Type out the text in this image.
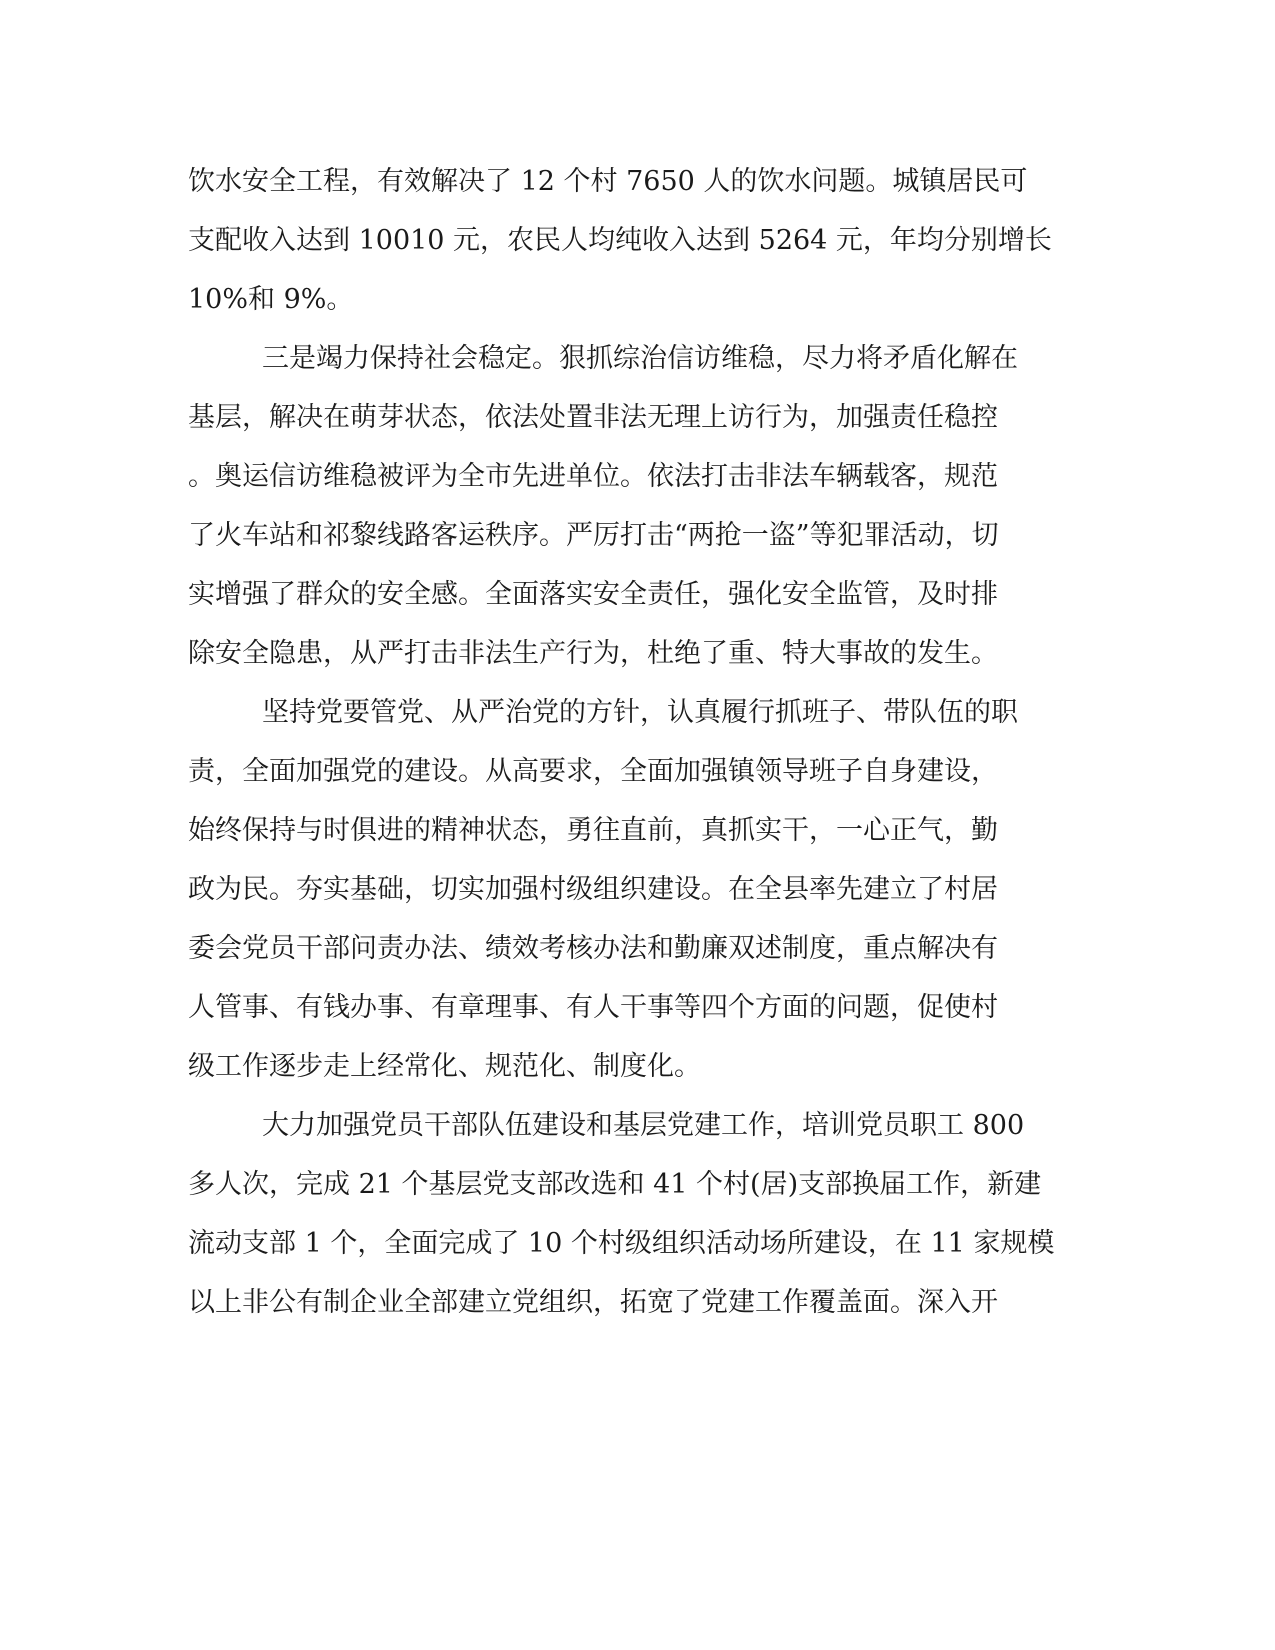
饮水安全工程，有效解决了 12 个村 7650 人的饮水问题。城镇居民可
支配收入达到 10010 元，农民人均纯收入达到 5264 元，年均分别增长
10%和 9%。
三是竭力保持社会稳定。狠抓综治信访维稳，尽力将矛盾化解在
基层，解决在萌芽状态，依法处置非法无理上访行为，加强责任稳控
。奥运信访维稳被评为全市先进单位。依法打击非法车辆载客，规范
了火车站和祁黎线路客运秩序。严厉打击“两抢一盗”等犯罪活动，切
实增强了群众的安全感。全面落实安全责任，强化安全监管，及时排
除安全隐患，从严打击非法生产行为，杜绝了重、特大事故的发生。
坚持党要管党、从严治党的方针，认真履行抓班子、带队伍的职
责，全面加强党的建设。从高要求，全面加强镇领导班子自身建设，
始终保持与时俱进的精神状态，勇往直前，真抓实干，一心正气，勤
政为民。夯实基础，切实加强村级组织建设。在全县率先建立了村居
委会党员干部问责办法、绩效考核办法和勤廉双述制度，重点解决有
人管事、有钱办事、有章理事、有人干事等四个方面的问题，促使村
级工作逐步走上经常化、规范化、制度化。
大力加强党员干部队伍建设和基层党建工作，培训党员职工 800
多人次，完成 21 个基层党支部改选和 41 个村(居)支部换届工作，新建
流动支部 1 个，全面完成了 10 个村级组织活动场所建设，在 11 家规模
以上非公有制企业全部建立党组织，拓宽了党建工作覆盖面。深入开
